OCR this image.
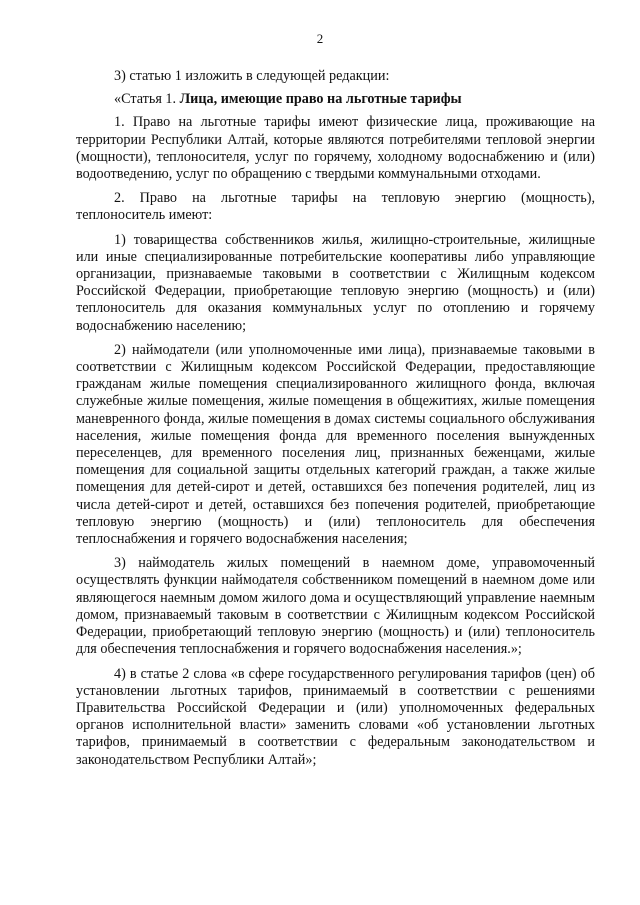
2

3) статью 1 изложить в следующей редакции:

«Статья 1. Лица, имеющие право на льготные тарифы

1. Право на льготные тарифы имеют физические лица, проживающие на территории Республики Алтай, которые являются потребителями тепловой энергии (мощности), теплоносителя, услуг по горячему, холодному водоснабжению и (или) водоотведению, услуг по обращению с твердыми коммунальными отходами.

2. Право на льготные тарифы на тепловую энергию (мощность), теплоноситель имеют:

1) товарищества собственников жилья, жилищно-строительные, жилищные или иные специализированные потребительские кооперативы либо управляющие организации, признаваемые таковыми в соответствии с Жилищным кодексом Российской Федерации, приобретающие тепловую энергию (мощность) и (или) теплоноситель для оказания коммунальных услуг по отоплению и горячему водоснабжению населению;

2) наймодатели (или уполномоченные ими лица), признаваемые таковыми в соответствии с Жилищным кодексом Российской Федерации, предоставляющие гражданам жилые помещения специализированного жилищного фонда, включая служебные жилые помещения, жилые помещения в общежитиях, жилые помещения маневренного фонда, жилые помещения в домах системы социального обслуживания населения, жилые помещения фонда для временного поселения вынужденных переселенцев, для временного поселения лиц, признанных беженцами, жилые помещения для социальной защиты отдельных категорий граждан, а также жилые помещения для детей-сирот и детей, оставшихся без попечения родителей, лиц из числа детей-сирот и детей, оставшихся без попечения родителей, приобретающие тепловую энергию (мощность) и (или) теплоноситель для обеспечения теплоснабжения и горячего водоснабжения населения;

3) наймодатель жилых помещений в наемном доме, управомоченный осуществлять функции наймодателя собственником помещений в наемном доме или являющегося наемным домом жилого дома и осуществляющий управление наемным домом, признаваемый таковым в соответствии с Жилищным кодексом Российской Федерации, приобретающий тепловую энергию (мощность) и (или) теплоноситель для обеспечения теплоснабжения и горячего водоснабжения населения.»;

4) в статье 2 слова «в сфере государственного регулирования тарифов (цен) об установлении льготных тарифов, принимаемый в соответствии с решениями Правительства Российской Федерации и (или) уполномоченных федеральных органов исполнительной власти» заменить словами «об установлении льготных тарифов, принимаемый в соответствии с федеральным законодательством и законодательством Республики Алтай»;
